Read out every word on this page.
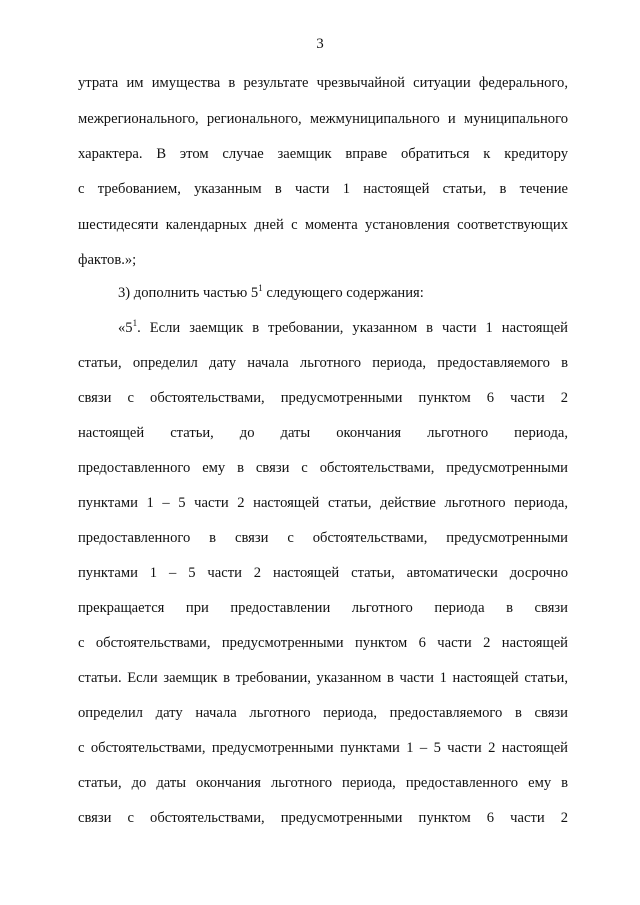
3
утрата им имущества в результате чрезвычайной ситуации федерального,
межрегионального, регионального, межмуниципального и муниципального
характера. В этом случае заемщик вправе обратиться к кредитору
с требованием, указанным в части 1 настоящей статьи, в течение
шестидесяти календарных дней с момента установления соответствующих
фактов.»;
3) дополнить частью $5^1$ следующего содержания:
«$5^1$. Если заемщик в требовании, указанном в части 1 настоящей
статьи, определил дату начала льготного периода, предоставляемого в
связи с обстоятельствами, предусмотренными пунктом 6 части 2
настоящей статьи, до даты окончания льготного периода,
предоставленного ему в связи с обстоятельствами, предусмотренными
пунктами 1 – 5 части 2 настоящей статьи, действие льготного периода,
предоставленного в связи с обстоятельствами, предусмотренными
пунктами 1 – 5 части 2 настоящей статьи, автоматически досрочно
прекращается при предоставлении льготного периода в связи
с обстоятельствами, предусмотренными пунктом 6 части 2 настоящей
статьи. Если заемщик в требовании, указанном в части 1 настоящей статьи,
определил дату начала льготного периода, предоставляемого в связи
с обстоятельствами, предусмотренными пунктами 1 – 5 части 2 настоящей
статьи, до даты окончания льготного периода, предоставленного ему в
связи с обстоятельствами, предусмотренными пунктом 6 части 2
